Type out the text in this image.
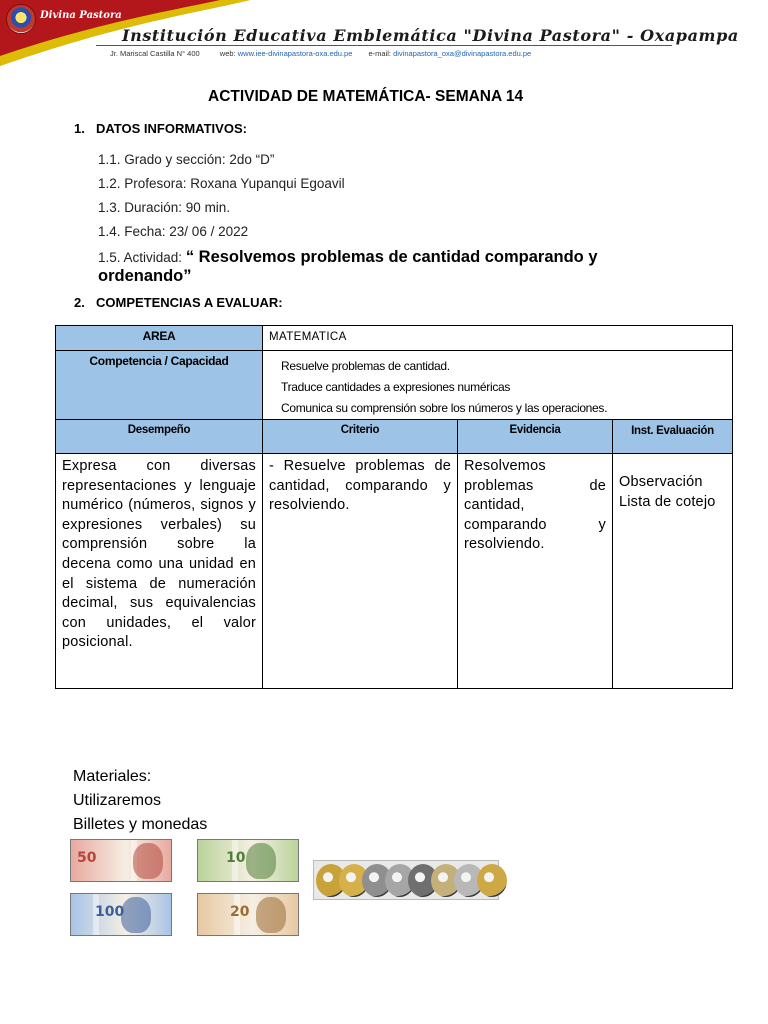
Divina Pastora
Institución Educativa Emblemática "Divina Pastora" - Oxapampa
Jr. Mariscal Castilla N° 400	web: www.iee-divinapastora-oxa.edu.pe e-mail: divinapastora_oxa@divinapastora.edu.pe
ACTIVIDAD DE MATEMÁTICA- SEMANA 14
1. DATOS INFORMATIVOS:
1.1. Grado y sección: 2do “D”
1.2. Profesora: Roxana Yupanqui Egoavil
1.3. Duración: 90 min.
1.4. Fecha: 23/ 06 / 2022
1.5. Actividad: “ Resolvemos problemas de cantidad comparando y ordenando”
2. COMPETENCIAS A EVALUAR:
AREA	MATEMATICA		
Competencia / Capacidad	Resuelve problemas de cantidad.
Traduce cantidades a expresiones numéricas
Comunica su comprensión sobre los números y las operaciones.		

Desempeño	Criterio	Evidencia	Inst. Evaluación
Expresa con diversas representaciones y lenguaje numérico (números, signos y expresiones verbales) su comprensión sobre la decena como una unidad en el sistema de numeración decimal, sus equivalencias con unidades, el valor posicional.	- Resuelve problemas de cantidad, comparando y resolviendo.	Resolvemos problemas de cantidad, comparando y resolviendo.	Observación Lista de cotejo
Materiales:
Utilizaremos
Billetes y monedas
50	10
100	20
